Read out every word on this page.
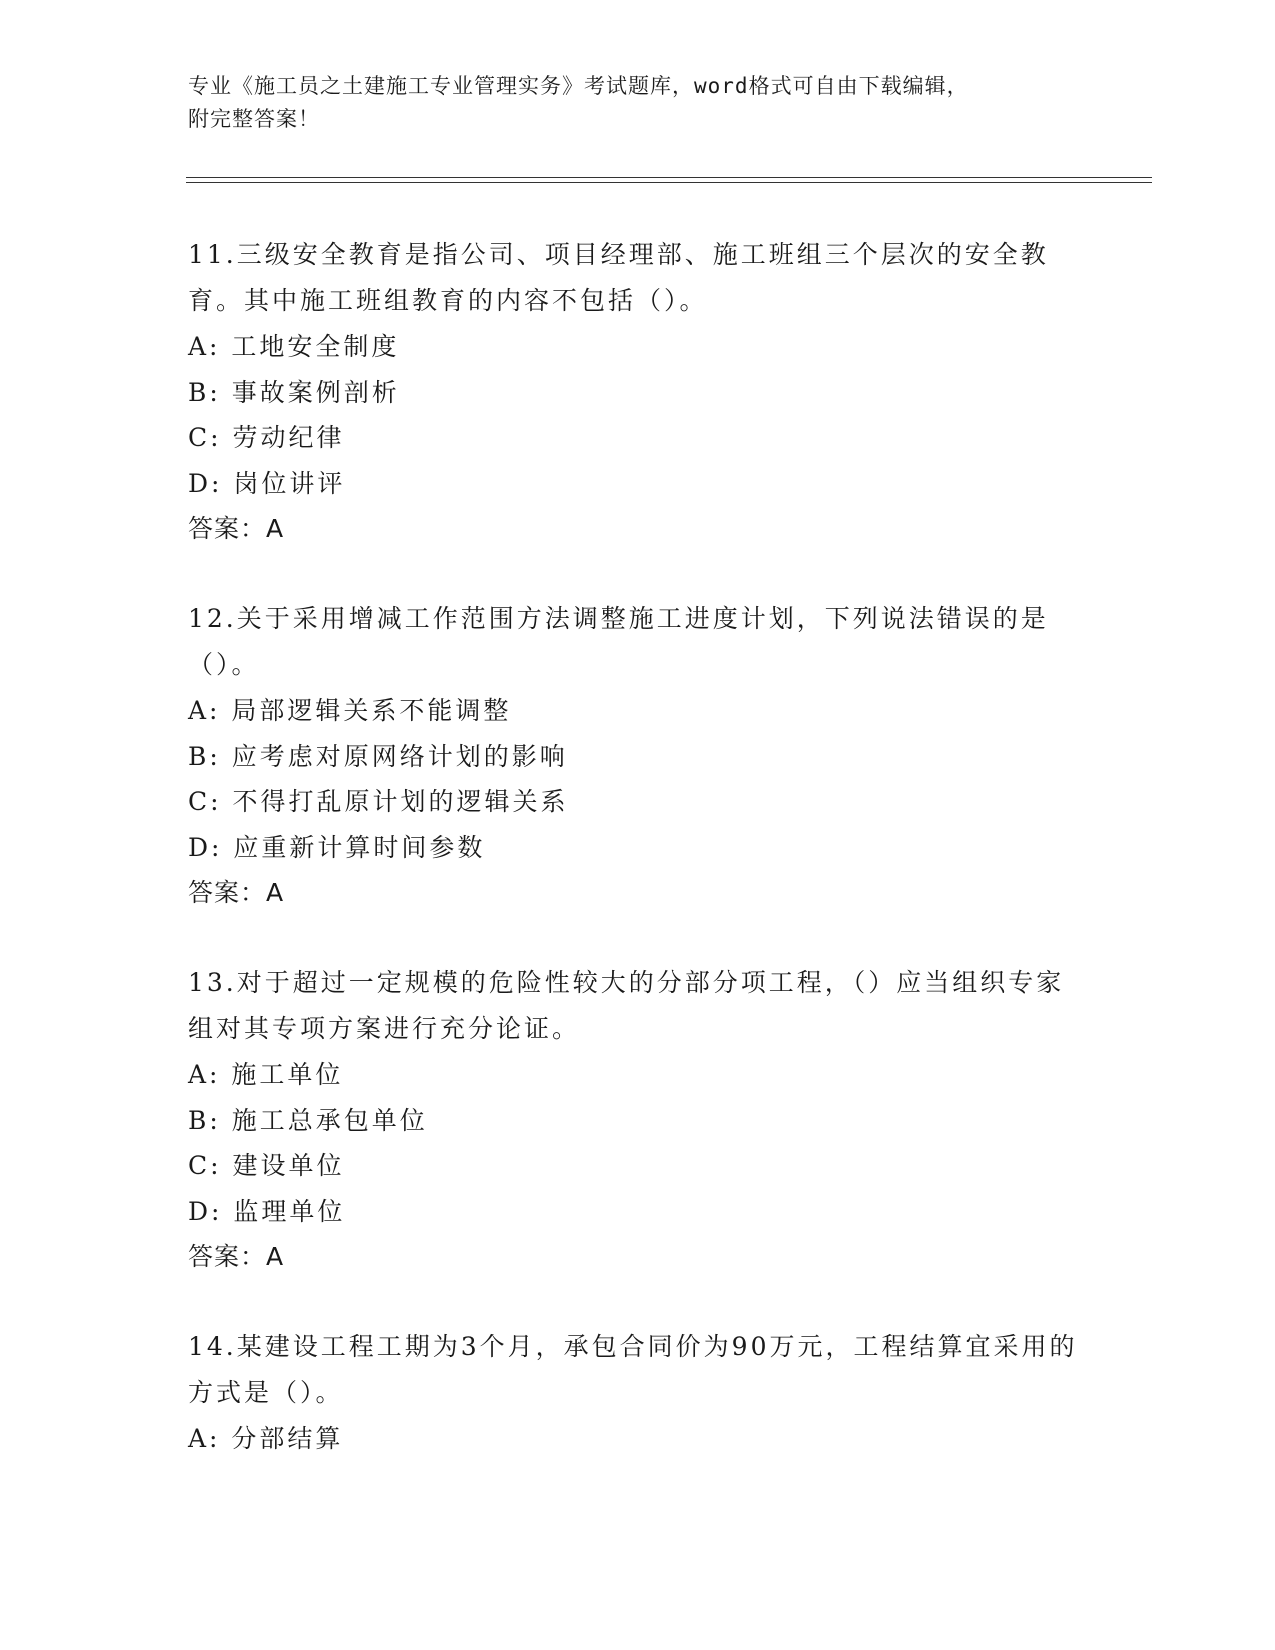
专业《施工员之土建施工专业管理实务》考试题库，word格式可自由下载编辑，
附完整答案！
11.三级安全教育是指公司、项目经理部、施工班组三个层次的安全教育。其中施工班组教育的内容不包括（）。
A: 工地安全制度
B: 事故案例剖析
C: 劳动纪律
D: 岗位讲评
答案：A
12.关于采用增减工作范围方法调整施工进度计划，下列说法错误的是（）。
A: 局部逻辑关系不能调整
B: 应考虑对原网络计划的影响
C: 不得打乱原计划的逻辑关系
D: 应重新计算时间参数
答案：A
13.对于超过一定规模的危险性较大的分部分项工程，（）应当组织专家组对其专项方案进行充分论证。
A: 施工单位
B: 施工总承包单位
C: 建设单位
D: 监理单位
答案：A
14.某建设工程工期为3个月，承包合同价为90万元，工程结算宜采用的方式是（）。
A: 分部结算
